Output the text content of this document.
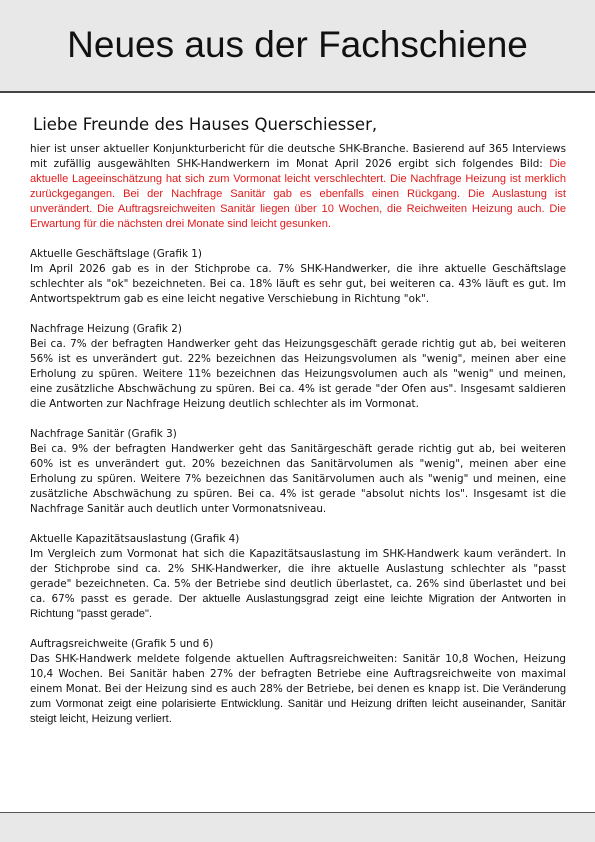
Neues aus der Fachschiene
Liebe Freunde des Hauses Querschiesser,

hier ist unser aktueller Konjunkturbericht für die deutsche SHK-Branche. Basierend auf 365 Interviews mit zufällig ausgewählten SHK-Handwerkern im Monat April 2026 ergibt sich folgendes Bild: Die aktuelle Lageeinschätzung hat sich zum Vormonat leicht verschlechtert. Die Nachfrage Heizung ist merklich zurückgegangen. Bei der Nachfrage Sanitär gab es ebenfalls einen Rückgang. Die Auslastung ist unverändert. Die Auftragsreichweiten Sanitär liegen über 10 Wochen, die Reichweiten Heizung auch. Die Erwartung für die nächsten drei Monate sind leicht gesunken.

Aktuelle Geschäftslage (Grafik 1)

Im April 2026 gab es in der Stichprobe ca. 7% SHK-Handwerker, die ihre aktuelle Geschäftslage schlechter als "ok" bezeichneten. Bei ca. 18% läuft es sehr gut, bei weiteren ca. 43% läuft es gut. Im Antwortspektrum gab es eine leicht negative Verschiebung in Richtung "ok".

Nachfrage Heizung (Grafik 2)

Bei ca. 7% der befragten Handwerker geht das Heizungsgeschäft gerade richtig gut ab, bei weiteren 56% ist es unverändert gut. 22% bezeichnen das Heizungsvolumen als "wenig", meinen aber eine Erholung zu spüren. Weitere 11% bezeichnen das Heizungsvolumen auch als "wenig" und meinen, eine zusätzliche Abschwächung zu spüren. Bei ca. 4% ist gerade "der Ofen aus". Insgesamt saldieren die Antworten zur Nachfrage Heizung deutlich schlechter als im Vormonat.

Nachfrage Sanitär (Grafik 3)

Bei ca. 9% der befragten Handwerker geht das Sanitärgeschäft gerade richtig gut ab, bei weiteren 60% ist es unverändert gut. 20% bezeichnen das Sanitärvolumen als "wenig", meinen aber eine Erholung zu spüren. Weitere 7% bezeichnen das Sanitärvolumen auch als "wenig" und meinen, eine zusätzliche Abschwächung zu spüren. Bei ca. 4% ist gerade "absolut nichts los". Insgesamt ist die Nachfrage Sanitär auch deutlich unter Vormonatsniveau.

Aktuelle Kapazitätsauslastung (Grafik 4)

Im Vergleich zum Vormonat hat sich die Kapazitätsauslastung im SHK-Handwerk kaum verändert. In der Stichprobe sind ca. 2% SHK-Handwerker, die ihre aktuelle Auslastung schlechter als "passt gerade" bezeichneten. Ca. 5% der Betriebe sind deutlich überlastet, ca. 26% sind überlastet und bei ca. 67% passt es gerade. Der aktuelle Auslastungsgrad zeigt eine leichte Migration der Antworten in Richtung "passt gerade".

Auftragsreichweite (Grafik 5 und 6)

Das SHK-Handwerk meldete folgende aktuellen Auftragsreichweiten: Sanitär 10,8 Wochen, Heizung 10,4 Wochen. Bei Sanitär haben 27% der befragten Betriebe eine Auftragsreichweite von maximal einem Monat. Bei der Heizung sind es auch 28% der Betriebe, bei denen es knapp ist. Die Veränderung zum Vormonat zeigt eine polarisierte Entwicklung. Sanitär und Heizung driften leicht auseinander, Sanitär steigt leicht, Heizung verliert.
